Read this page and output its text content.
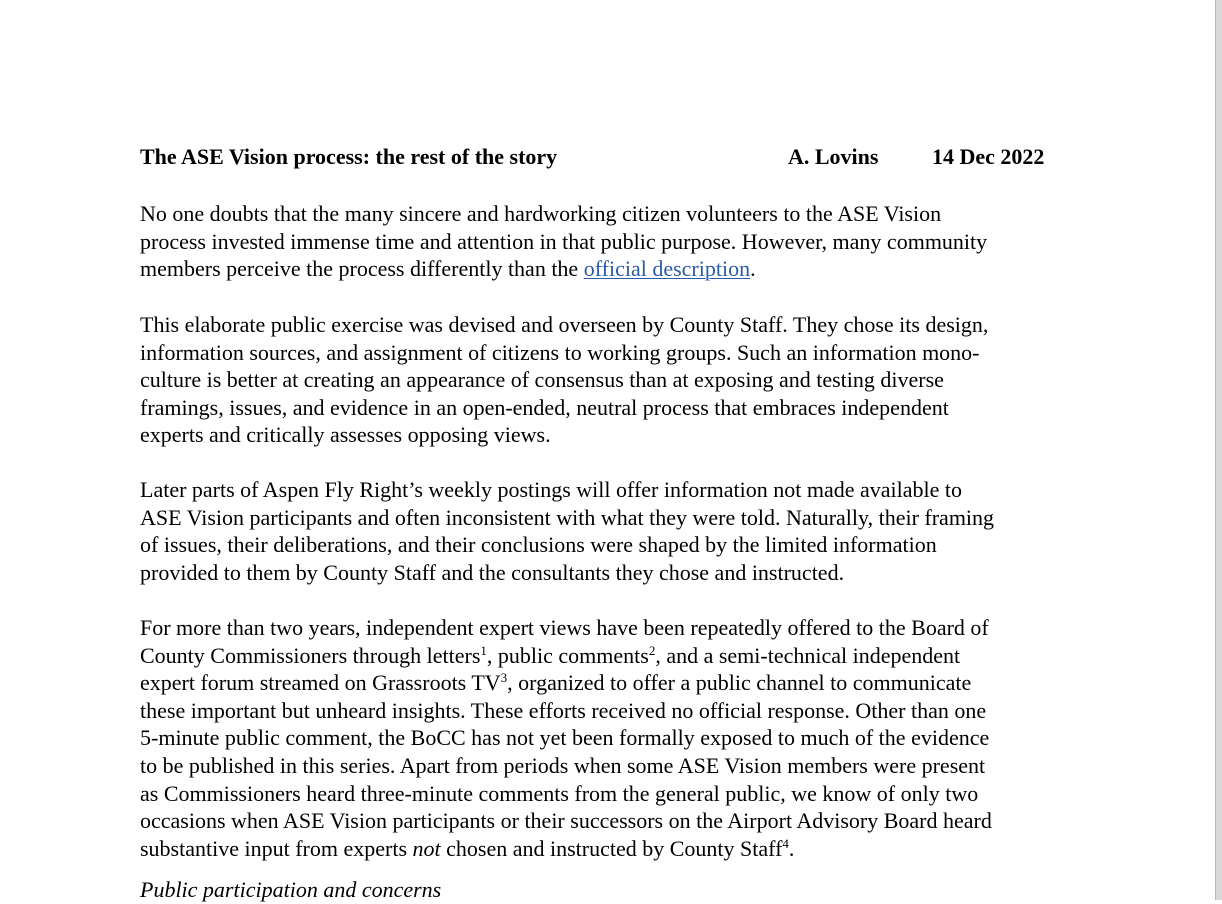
The ASE Vision process: the rest of the story	A. Lovins 14 Dec 2022

No one doubts that the many sincere and hardworking citizen volunteers to the ASE Vision
process invested immense time and attention in that public purpose. However, many community
members perceive the process differently than the official description.

This elaborate public exercise was devised and overseen by County Staff. They chose its design,
information sources, and assignment of citizens to working groups. Such an information mono-
culture is better at creating an appearance of consensus than at exposing and testing diverse
framings, issues, and evidence in an open-ended, neutral process that embraces independent
experts and critically assesses opposing views.

Later parts of Aspen Fly Right’s weekly postings will offer information not made available to
ASE Vision participants and often inconsistent with what they were told. Naturally, their framing
of issues, their deliberations, and their conclusions were shaped by the limited information
provided to them by County Staff and the consultants they chose and instructed.

For more than two years, independent expert views have been repeatedly offered to the Board of
County Commissioners through letters$^1$, public comments$^2$, and a semi-technical independent
expert forum streamed on Grassroots TV$^3$, organized to offer a public channel to communicate
these important but unheard insights. These efforts received no official response. Other than one
5-minute public comment, the BoCC has not yet been formally exposed to much of the evidence
to be published in this series. Apart from periods when some ASE Vision members were present
as Commissioners heard three-minute comments from the general public, we know of only two
occasions when ASE Vision participants or their successors on the Airport Advisory Board heard
substantive input from experts not chosen and instructed by County Staff$^4$.

Public participation and concerns
